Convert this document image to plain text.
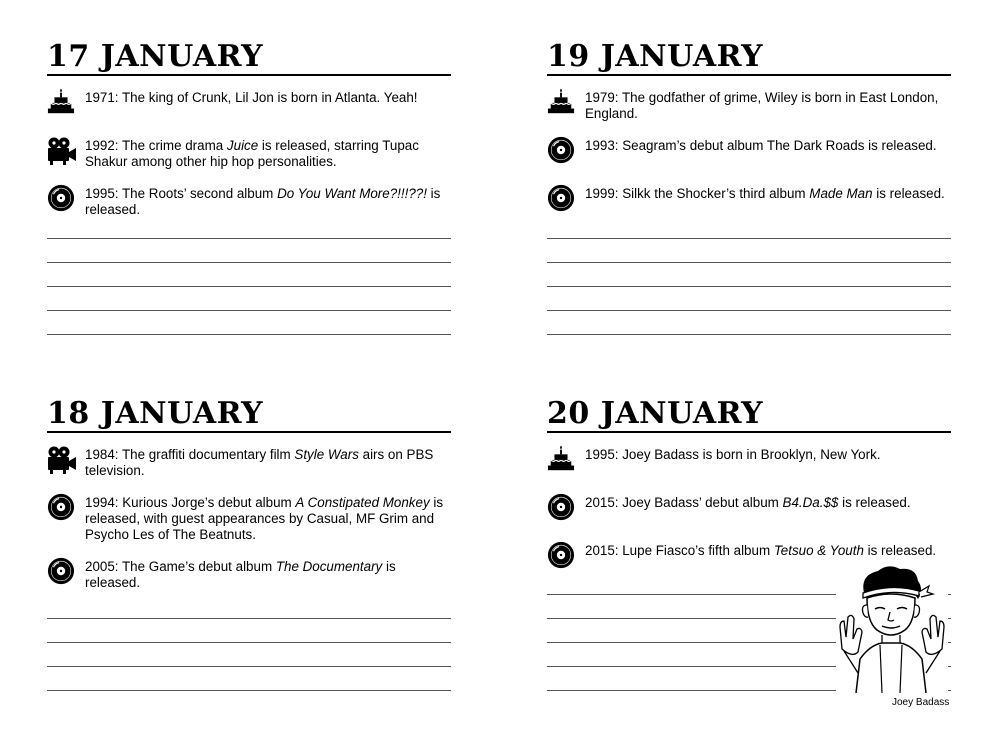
17 JANUARY
1971: The king of Crunk, Lil Jon is born in Atlanta. Yeah!
1992: The crime drama Juice is released, starring Tupac Shakur among other hip hop personalities.
1995: The Roots’ second album Do You Want More?!!!??! is released.
19 JANUARY
1979: The godfather of grime, Wiley is born in East London, England.
1993: Seagram’s debut album The Dark Roads is released.
1999: Silkk the Shocker’s third album Made Man is released.
18 JANUARY
1984: The graffiti documentary film Style Wars airs on PBS television.
1994: Kurious Jorge’s debut album A Constipated Monkey is released, with guest appearances by Casual, MF Grim and Psycho Les of The Beatnuts.
2005: The Game’s debut album The Documentary is released.
20 JANUARY
1995: Joey Badass is born in Brooklyn, New York.
2015: Joey Badass’ debut album B4.Da.$$ is released.
2015: Lupe Fiasco’s fifth album Tetsuo & Youth is released.
Joey Badass
